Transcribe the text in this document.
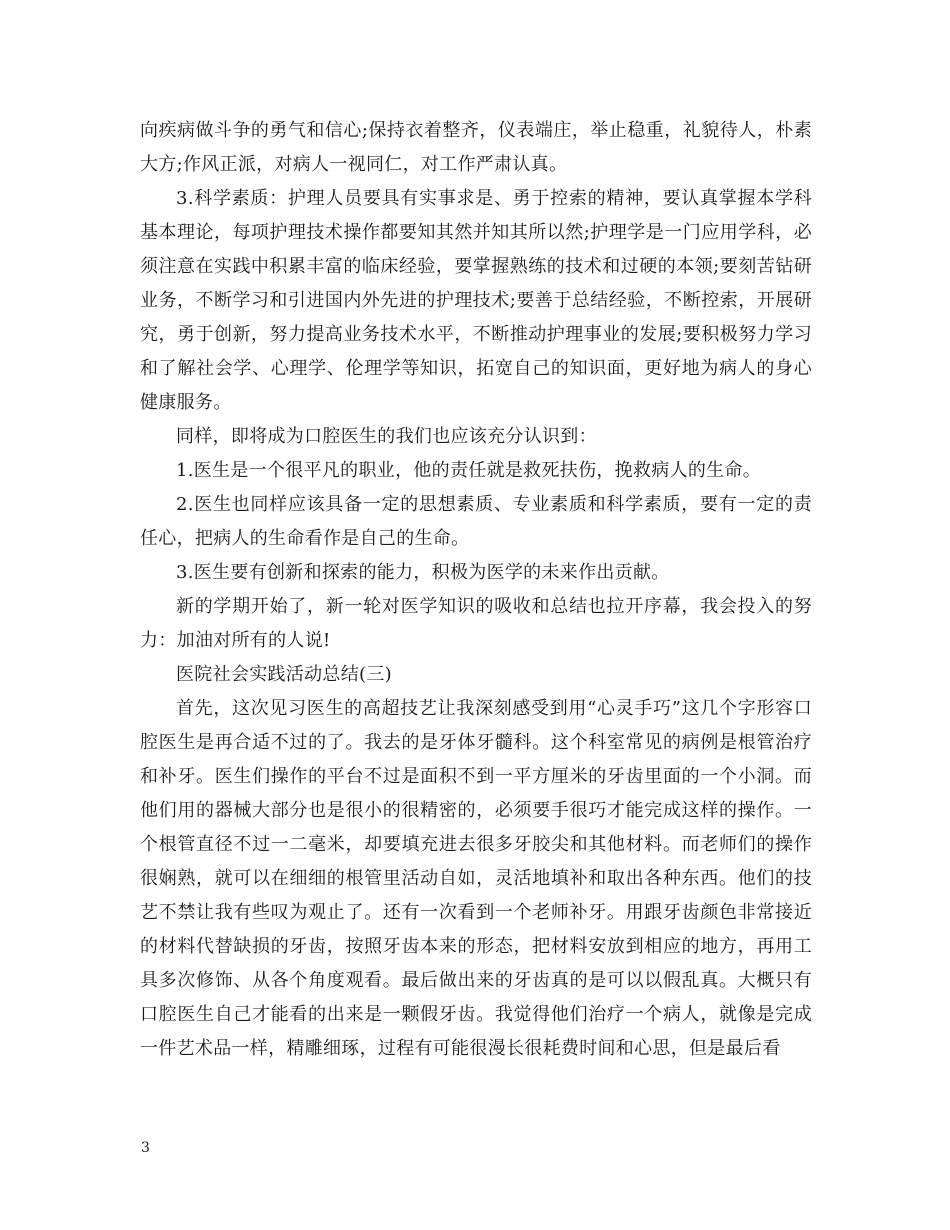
向疾病做斗争的勇气和信心;保持衣着整齐，仪表端庄，举止稳重，礼貌待人，朴素大方;作风正派，对病人一视同仁，对工作严肃认真。

3.科学素质：护理人员要具有实事求是、勇于控索的精神，要认真掌握本学科基本理论，每项护理技术操作都要知其然并知其所以然;护理学是一门应用学科，必须注意在实践中积累丰富的临床经验，要掌握熟练的技术和过硬的本领;要刻苦钻研业务，不断学习和引进国内外先进的护理技术;要善于总结经验，不断控索，开展研究，勇于创新，努力提高业务技术水平，不断推动护理事业的发展;要积极努力学习和了解社会学、心理学、伦理学等知识，拓宽自己的知识面，更好地为病人的身心健康服务。

同样，即将成为口腔医生的我们也应该充分认识到：

1.医生是一个很平凡的职业，他的责任就是救死扶伤，挽救病人的生命。

2.医生也同样应该具备一定的思想素质、专业素质和科学素质，要有一定的责任心，把病人的生命看作是自己的生命。

3.医生要有创新和探索的能力，积极为医学的未来作出贡献。

新的学期开始了，新一轮对医学知识的吸收和总结也拉开序幕，我会投入的努力：加油对所有的人说!

医院社会实践活动总结(三)

首先，这次见习医生的高超技艺让我深刻感受到用“心灵手巧”这几个字形容口腔医生是再合适不过的了。我去的是牙体牙髓科。这个科室常见的病例是根管治疗和补牙。医生们操作的平台不过是面积不到一平方厘米的牙齿里面的一个小洞。而他们用的器械大部分也是很小的很精密的，必须要手很巧才能完成这样的操作。一个根管直径不过一二毫米，却要填充进去很多牙胶尖和其他材料。而老师们的操作很娴熟，就可以在细细的根管里活动自如，灵活地填补和取出各种东西。他们的技艺不禁让我有些叹为观止了。还有一次看到一个老师补牙。用跟牙齿颜色非常接近的材料代替缺损的牙齿，按照牙齿本来的形态，把材料安放到相应的地方，再用工具多次修饰、从各个角度观看。最后做出来的牙齿真的是可以以假乱真。大概只有口腔医生自己才能看的出来是一颗假牙齿。我觉得他们治疗一个病人，就像是完成一件艺术品一样，精雕细琢，过程有可能很漫长很耗费时间和心思，但是最后看

3
